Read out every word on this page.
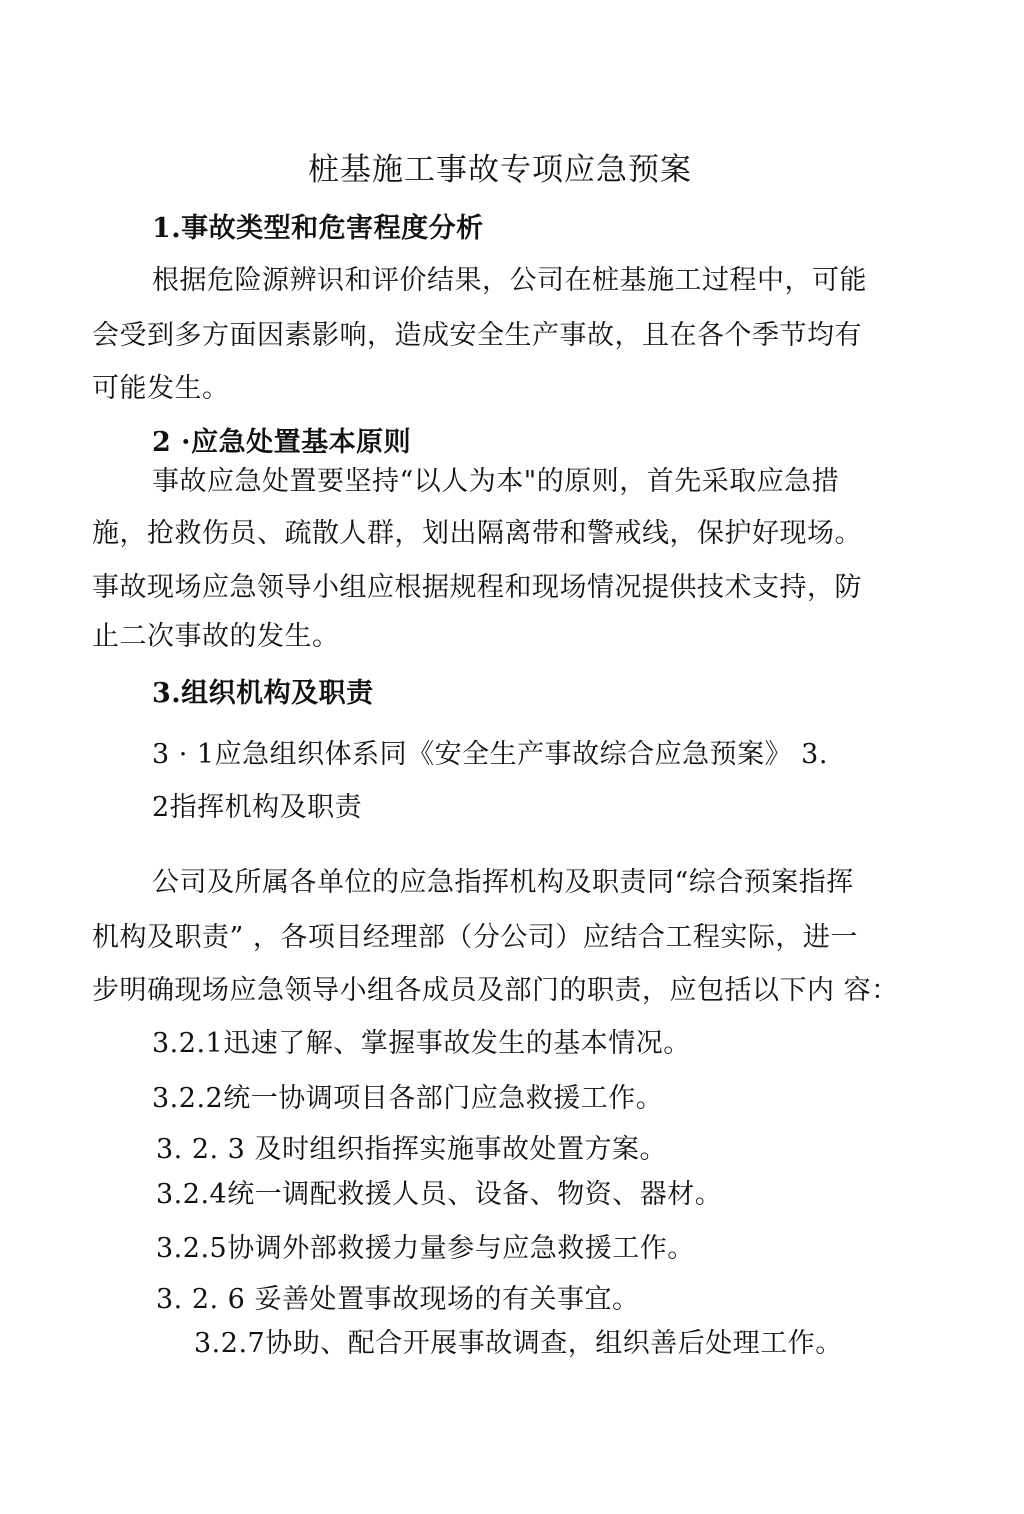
桩基施工事故专项应急预案
1.事故类型和危害程度分析
根据危险源辨识和评价结果，公司在桩基施工过程中，可能
会受到多方面因素影响，造成安全生产事故，且在各个季节均有
可能发生。
2 ·应急处置基本原则
事故应急处置要坚持“以人为本"的原则，首先采取应急措
施，抢救伤员、疏散人群，划出隔离带和警戒线，保护好现场。
事故现场应急领导小组应根据规程和现场情况提供技术支持，防
止二次事故的发生。
3.组织机构及职责
3 · 1应急组织体系同《安全生产事故综合应急预案》 3.
2指挥机构及职责
公司及所属各单位的应急指挥机构及职责同“综合预案指挥
机构及职责” ，各项目经理部（分公司）应结合工程实际，进一
步明确现场应急领导小组各成员及部门的职责，应包括以下内 容：
3.2.1迅速了解、掌握事故发生的基本情况。
3.2.2统一协调项目各部门应急救援工作。
3. 2. 3 及时组织指挥实施事故处置方案。
3.2.4统一调配救援人员、设备、物资、器材。
3.2.5协调外部救援力量参与应急救援工作。
3. 2. 6 妥善处置事故现场的有关事宜。
3.2.7协助、配合开展事故调查，组织善后处理工作。
